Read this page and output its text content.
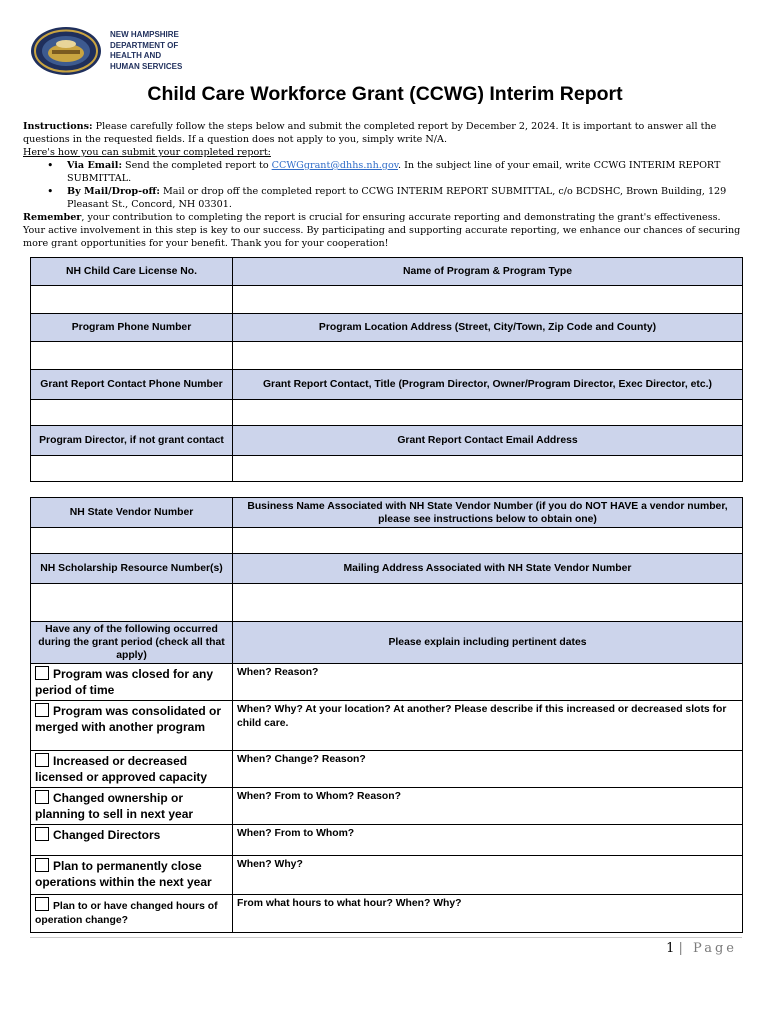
NEW HAMPSHIRE
DEPARTMENT OF
HEALTH AND
HUMAN SERVICES
Child Care Workforce Grant (CCWG) Interim Report

Instructions: Please carefully follow the steps below and submit the completed report by December 2, 2024. It is important to answer all the questions in the requested fields. If a question does not apply to you, simply write N/A.

Here's how you can submit your completed report:

• Via Email: Send the completed report to CCWGgrant@dhhs.nh.gov. In the subject line of your email, write CCWG INTERIM REPORT SUBMITTAL.
• By Mail/Drop-off: Mail or drop off the completed report to CCWG INTERIM REPORT SUBMITTAL, c/o BCDSHC, Brown Building, 129 Pleasant St., Concord, NH 03301.

Remember, your contribution to completing the report is crucial for ensuring accurate reporting and demonstrating the grant's effectiveness. Your active involvement in this step is key to our success. By participating and supporting accurate reporting, we enhance our chances of securing more grant opportunities for your benefit. Thank you for your cooperation!

NH Child Care License No.	Name of Program & Program Type

Program Phone Number	Program Location Address (Street, City/Town, Zip Code and County)

Grant Report Contact Phone Number	Grant Report Contact, Title (Program Director, Owner/Program Director, Exec Director, etc.)

Program Director, if not grant contact	Grant Report Contact Email Address

NH State Vendor Number	Business Name Associated with NH State Vendor Number (if you do NOT HAVE a vendor number, please see instructions below to obtain one)

NH Scholarship Resource Number(s)	Mailing Address Associated with NH State Vendor Number

Have any of the following occurred during the grant period (check all that apply)	Please explain including pertinent dates
Program was closed for any period of time	When? Reason?
Program was consolidated or merged with another program	When? Why? At your location? At another? Please describe if this increased or decreased slots for child care.
Increased or decreased licensed or approved capacity	When? Change? Reason?
Changed ownership or planning to sell in next year	When? From to Whom? Reason?
Changed Directors	When? From to Whom?
Plan to permanently close operations within the next year	When? Why?
Plan to or have changed hours of operation change?	From what hours to what hour? When? Why?
1 | Page
